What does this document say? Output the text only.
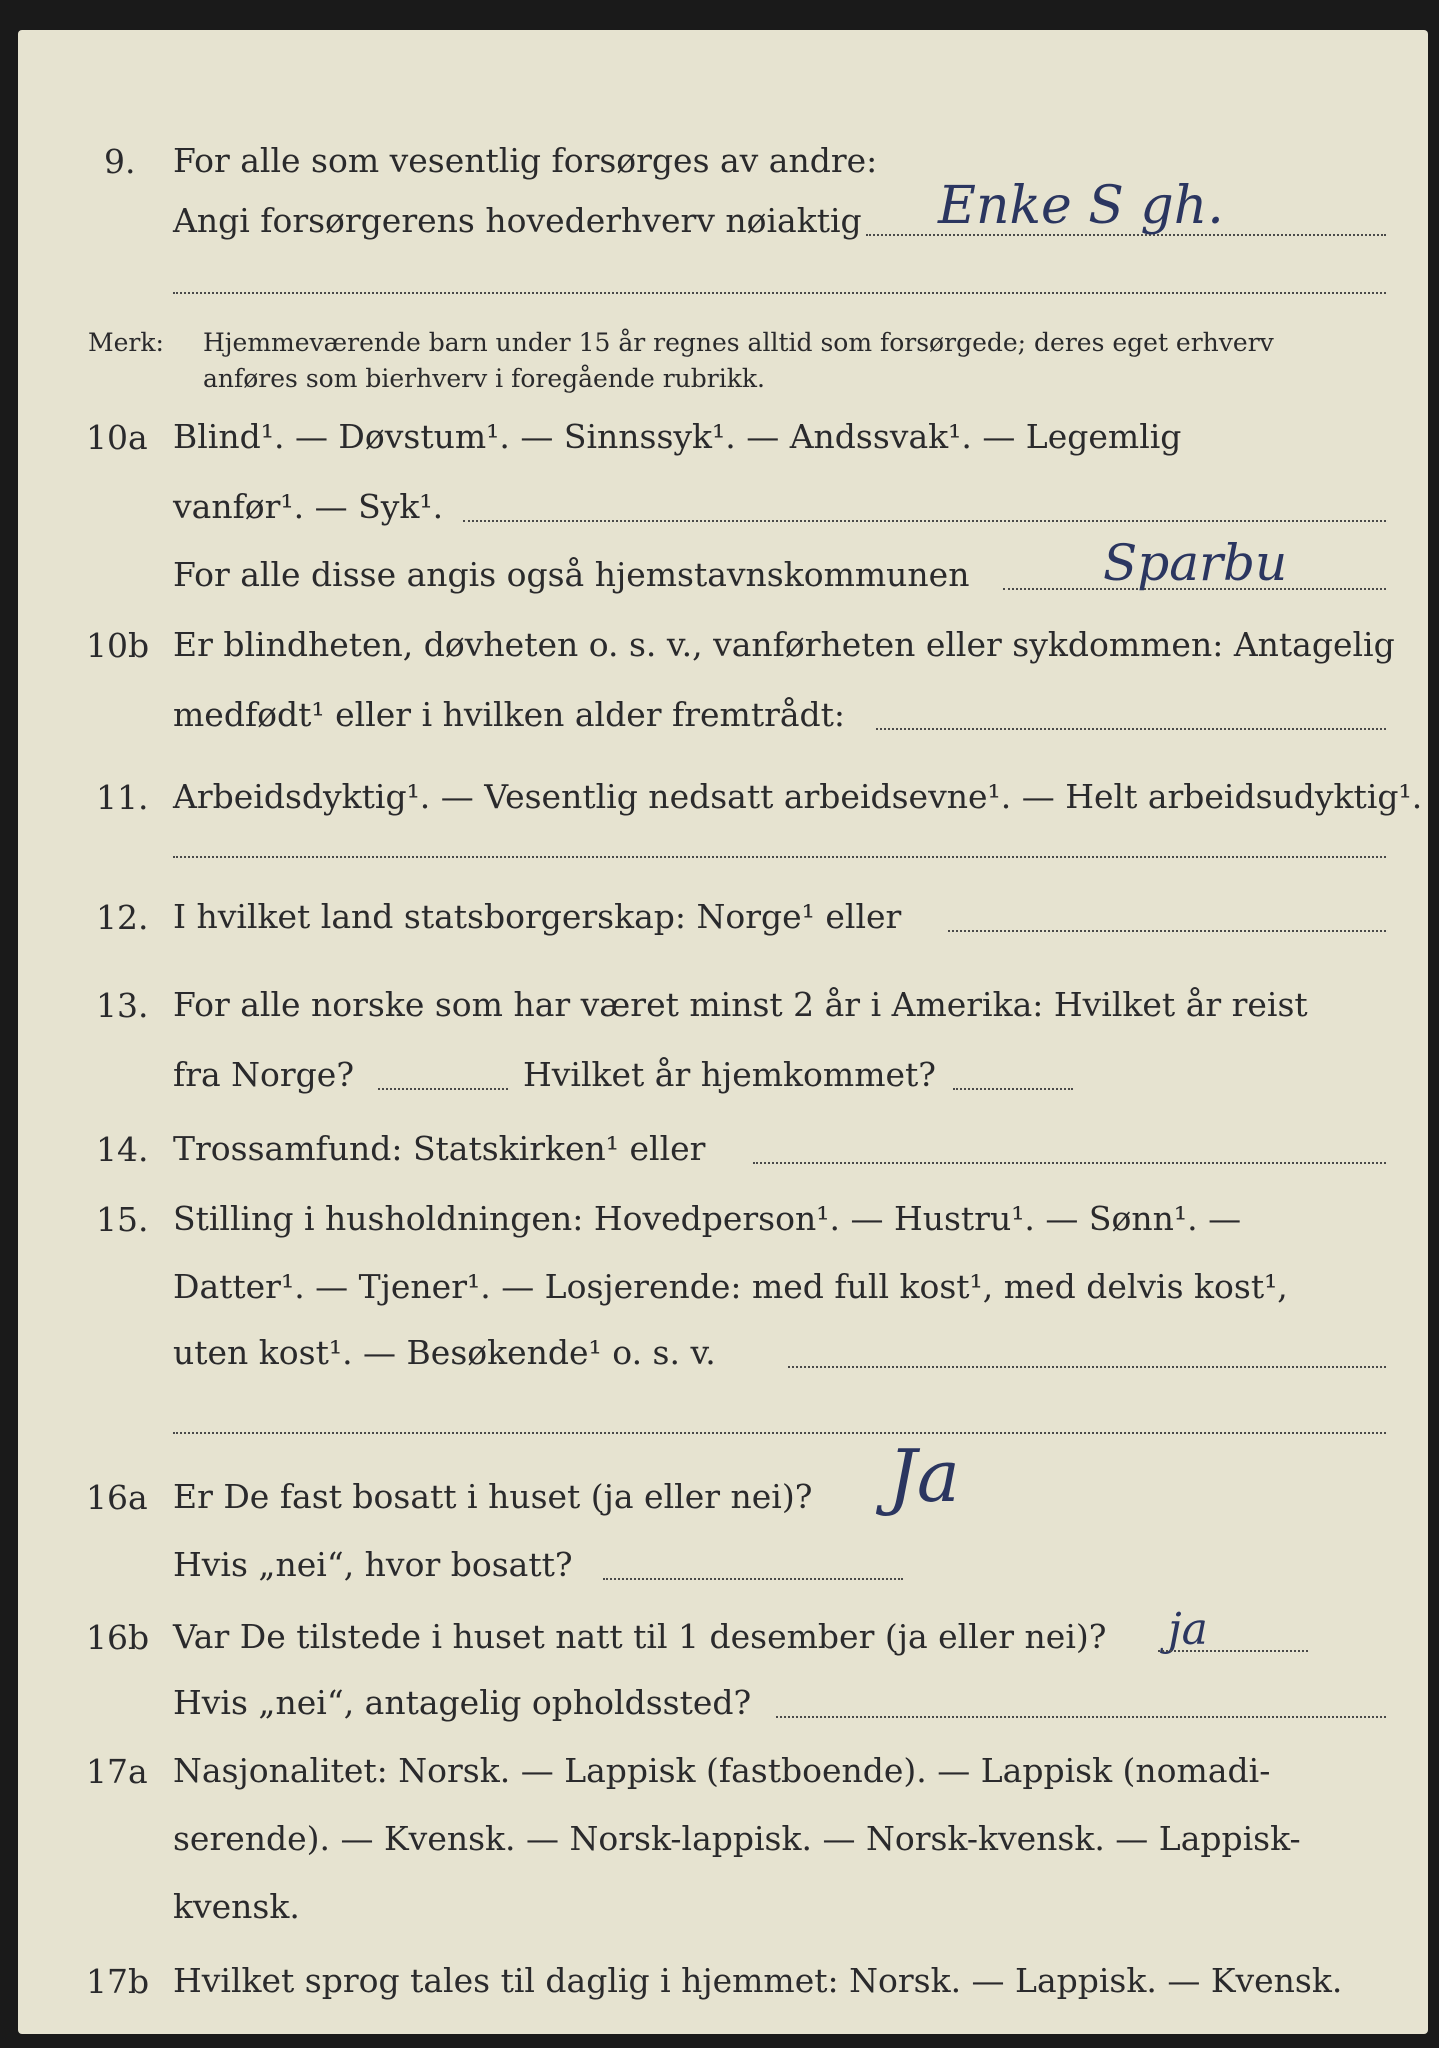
9. For alle som vesentlig forsørges av andre:
Angi forsørgerens hovederhverv nøiaktig Enke S gh.
Merk: Hjemmeværende barn under 15 år regnes alltid som forsørgede; deres eget erhverv
anføres som bierhverv i foregående rubrikk.
10a Blind¹. — Døvstum¹. — Sinnssyk¹. — Andssvak¹. — Legemlig
vanfør¹. — Syk¹.
For alle disse angis også hjemstavnskommunen	Sparbu
10b Er blindheten, døvheten o. s. v., vanførheten eller sykdommen: Antagelig
medfødt¹ eller i hvilken alder fremtrådt:
11. Arbeidsdyktig¹. — Vesentlig nedsatt arbeidsevne¹. — Helt arbeidsudyktig¹.
12. I hvilket land statsborgerskap: Norge¹ eller
13. For alle norske som har været minst 2 år i Amerika: Hvilket år reist
fra Norge?	Hvilket år hjemkommet?
14. Trossamfund: Statskirken¹ eller
15. Stilling i husholdningen: Hovedperson¹. — Hustru¹. — Sønn¹. —
Datter¹. — Tjener¹. — Losjerende: med full kost¹, med delvis kost¹,
uten kost¹. — Besøkende¹ o. s. v.
16a Er De fast bosatt i huset (ja eller nei)? Ja
Hvis „nei“, hvor bosatt?
16b Var De tilstede i huset natt til 1 desember (ja eller nei)? ja
Hvis „nei“, antagelig opholdssted?
17a Nasjonalitet: Norsk. — Lappisk (fastboende). — Lappisk (nomadi-
serende). — Kvensk. — Norsk-lappisk. — Norsk-kvensk. — Lappisk-
kvensk.
17b Hvilket sprog tales til daglig i hjemmet: Norsk. — Lappisk. — Kvensk.
